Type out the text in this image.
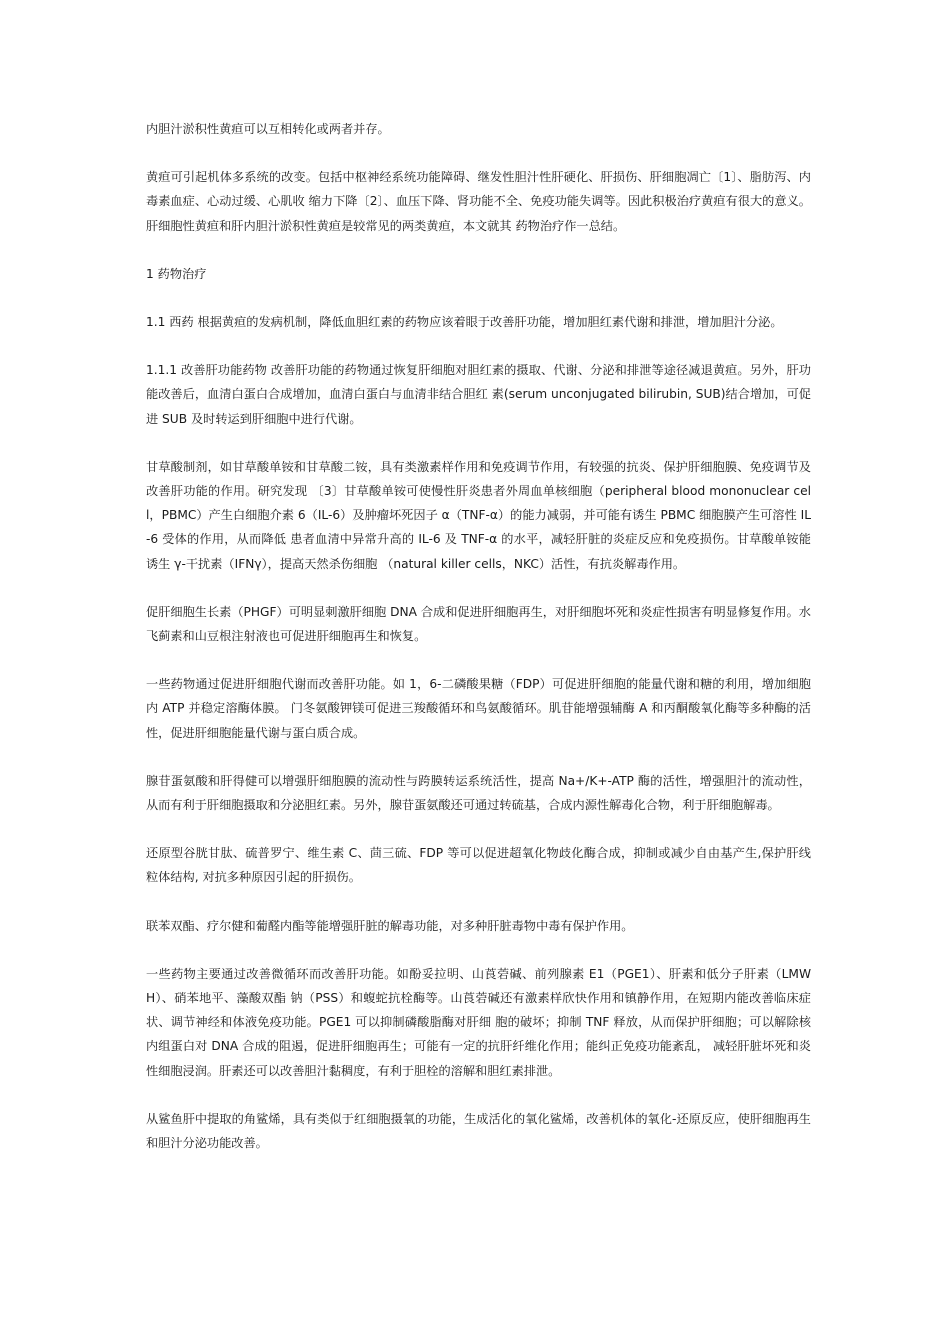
内胆汁淤积性黄疸可以互相转化或两者并存。

黄疸可引起机体多系统的改变。包括中枢神经系统功能障碍、继发性胆汁性肝硬化、肝损伤、肝细胞凋亡〔1〕、脂肪泻、内毒素血症、心动过缓、心肌收 缩力下降〔2〕、血压下降、肾功能不全、免疫功能失调等。因此积极治疗黄疸有很大的意义。肝细胞性黄疸和肝内胆汁淤积性黄疸是较常见的两类黄疸，本文就其 药物治疗作一总结。

1 药物治疗

1.1 西药 根据黄疸的发病机制，降低血胆红素的药物应该着眼于改善肝功能，增加胆红素代谢和排泄，增加胆汁分泌。

1.1.1 改善肝功能药物 改善肝功能的药物通过恢复肝细胞对胆红素的摄取、代谢、分泌和排泄等途径减退黄疸。另外，肝功能改善后，血清白蛋白合成增加，血清白蛋白与血清非结合胆红 素(serum unconjugated bilirubin, SUB)结合增加，可促进 SUB 及时转运到肝细胞中进行代谢。

甘草酸制剂，如甘草酸单铵和甘草酸二铵，具有类激素样作用和免疫调节作用，有较强的抗炎、保护肝细胞膜、免疫调节及改善肝功能的作用。研究发现 〔3〕甘草酸单铵可使慢性肝炎患者外周血单核细胞（peripheral blood mononuclear cell，PBMC）产生白细胞介素 6（IL-6）及肿瘤坏死因子 α（TNF-α）的能力减弱，并可能有诱生 PBMC 细胞膜产生可溶性 IL-6 受体的作用，从而降低 患者血清中异常升高的 IL-6 及 TNF-α 的水平，减轻肝脏的炎症反应和免疫损伤。甘草酸单铵能诱生 γ-干扰素（IFNγ），提高天然杀伤细胞 （natural killer cells，NKC）活性，有抗炎解毒作用。

促肝细胞生长素（PHGF）可明显刺激肝细胞 DNA 合成和促进肝细胞再生，对肝细胞坏死和炎症性损害有明显修复作用。水飞蓟素和山豆根注射液也可促进肝细胞再生和恢复。

一些药物通过促进肝细胞代谢而改善肝功能。如 1，6-二磷酸果糖（FDP）可促进肝细胞的能量代谢和糖的利用，增加细胞内 ATP 并稳定溶酶体膜。 门冬氨酸钾镁可促进三羧酸循环和鸟氨酸循环。肌苷能增强辅酶 A 和丙酮酸氧化酶等多种酶的活性，促进肝细胞能量代谢与蛋白质合成。

腺苷蛋氨酸和肝得健可以增强肝细胞膜的流动性与跨膜转运系统活性，提高 Na+/K+-ATP 酶的活性，增强胆汁的流动性，从而有利于肝细胞摄取和分泌胆红素。另外，腺苷蛋氨酸还可通过转硫基，合成内源性解毒化合物，利于肝细胞解毒。

还原型谷胱甘肽、硫普罗宁、维生素 C、茴三硫、FDP 等可以促进超氧化物歧化酶合成，抑制或减少自由基产生,保护肝线粒体结构, 对抗多种原因引起的肝损伤。

联苯双酯、疗尔健和葡醛内酯等能增强肝脏的解毒功能，对多种肝脏毒物中毒有保护作用。

一些药物主要通过改善微循环而改善肝功能。如酚妥拉明、山莨菪碱、前列腺素 E1（PGE1）、肝素和低分子肝素（LMWH）、硝苯地平、藻酸双酯 钠（PSS）和蝮蛇抗栓酶等。山莨菪碱还有激素样欣快作用和镇静作用，在短期内能改善临床症状、调节神经和体液免疫功能。PGE1 可以抑制磷酸脂酶对肝细 胞的破坏；抑制 TNF 释放，从而保护肝细胞；可以解除核内组蛋白对 DNA 合成的阻遏，促进肝细胞再生；可能有一定的抗肝纤维化作用；能纠正免疫功能紊乱， 减轻肝脏坏死和炎性细胞浸润。肝素还可以改善胆汁黏稠度，有利于胆栓的溶解和胆红素排泄。

从鲨鱼肝中提取的角鲨烯，具有类似于红细胞摄氧的功能，生成活化的氧化鲨烯，改善机体的氧化-还原反应，使肝细胞再生和胆汁分泌功能改善。
